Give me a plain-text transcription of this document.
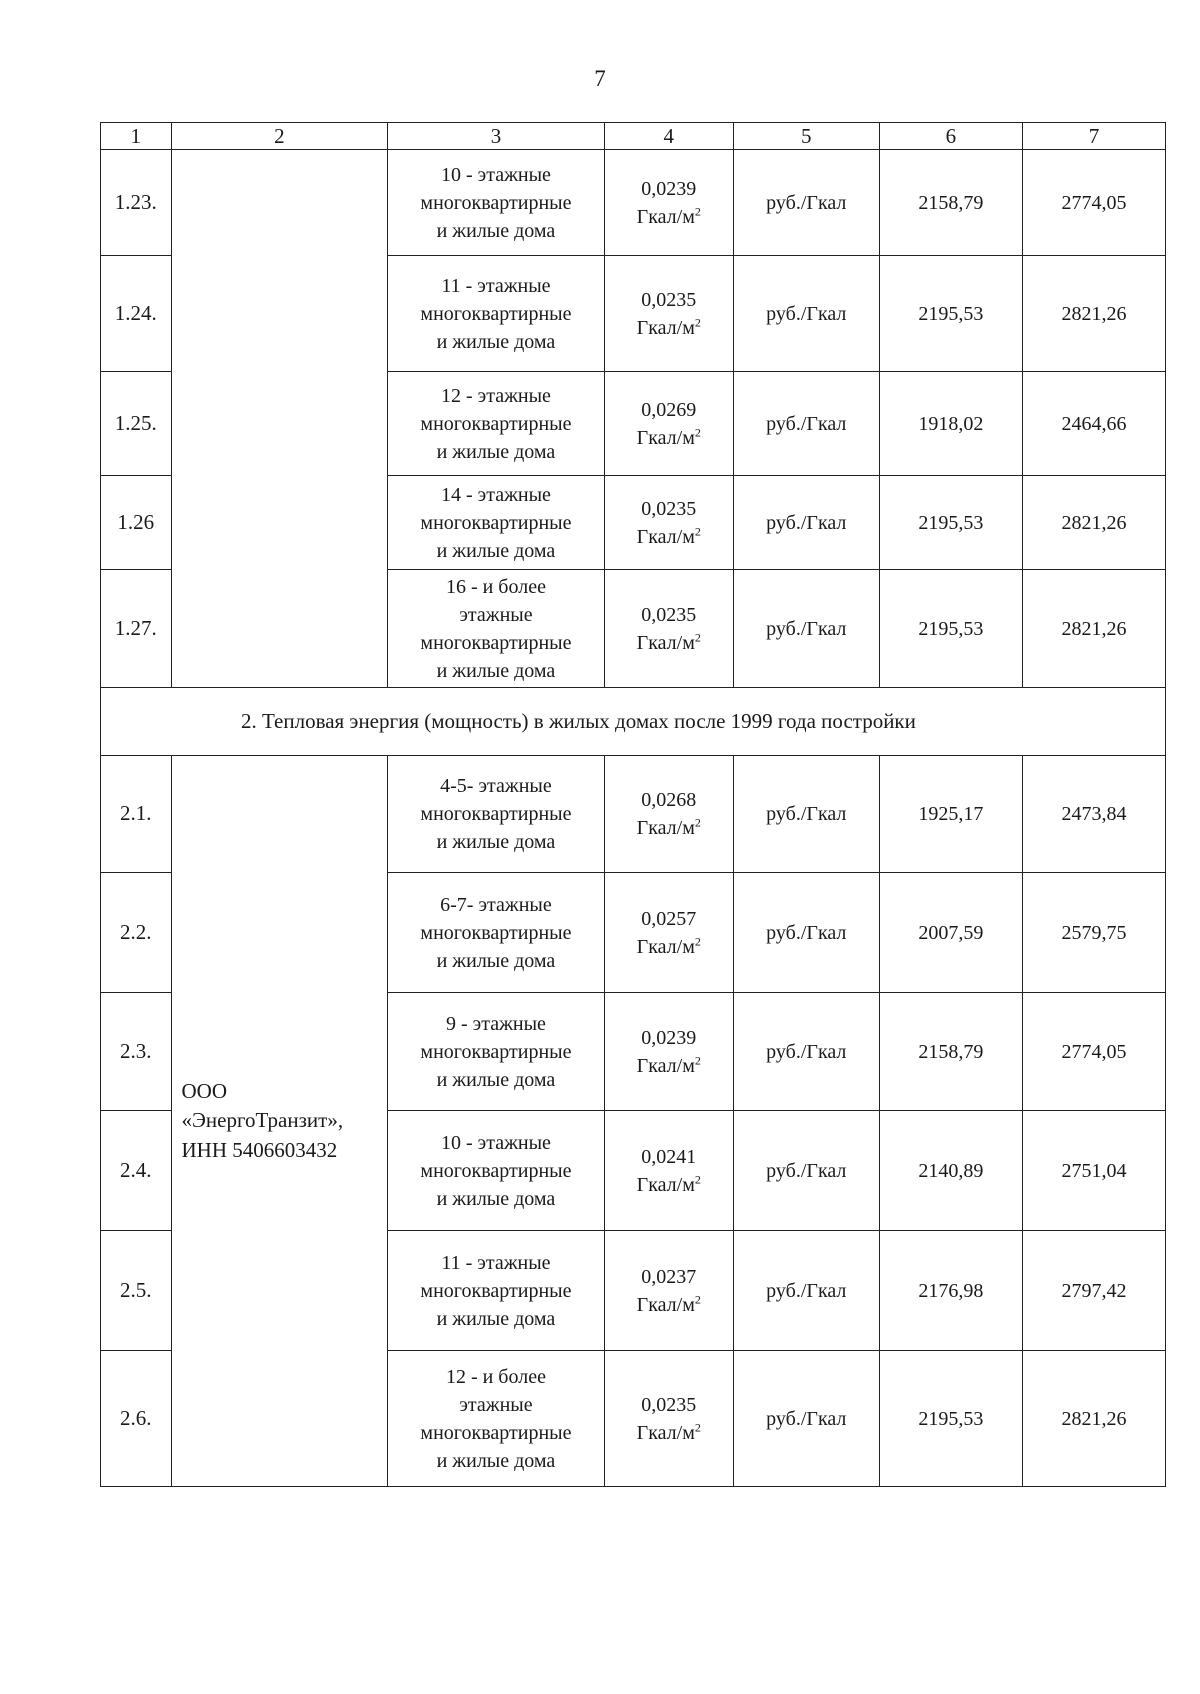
7
1	2	3	4	5	6	7
1.23.		10 - этажные
многоквартирные
и жилые дома	0,0239
Гкал/$м^2$	руб./Гкал	2158,79	2774,05
1.24.		11 - этажные
многоквартирные
и жилые дома	0,0235
Гкал/$м^2$	руб./Гкал	2195,53	2821,26
1.25.		12 - этажные
многоквартирные
и жилые дома	0,0269
Гкал/$м^2$	руб./Гкал	1918,02	2464,66
1.26		14 - этажные
многоквартирные
и жилые дома	0,0235
Гкал/$м^2$	руб./Гкал	2195,53	2821,26
1.27.		16 - и более
этажные
многоквартирные
и жилые дома	0,0235
Гкал/$м^2$	руб./Гкал	2195,53	2821,26
2. Тепловая энергия (мощность) в жилых домах после 1999 года постройки						
2.1.	ООО
«ЭнергоТранзит»,
ИНН 5406603432	4-5- этажные
многоквартирные
и жилые дома	0,0268
Гкал/$м^2$	руб./Гкал	1925,17	2473,84
2.2.		6-7- этажные
многоквартирные
и жилые дома	0,0257
Гкал/$м^2$	руб./Гкал	2007,59	2579,75
2.3.		9 - этажные
многоквартирные
и жилые дома	0,0239
Гкал/$м^2$	руб./Гкал	2158,79	2774,05
2.4.		10 - этажные
многоквартирные
и жилые дома	0,0241
Гкал/$м^2$	руб./Гкал	2140,89	2751,04
2.5.		11 - этажные
многоквартирные
и жилые дома	0,0237
Гкал/$м^2$	руб./Гкал	2176,98	2797,42
2.6.		12 - и более
этажные
многоквартирные
и жилые дома	0,0235
Гкал/$м^2$	руб./Гкал	2195,53	2821,26
